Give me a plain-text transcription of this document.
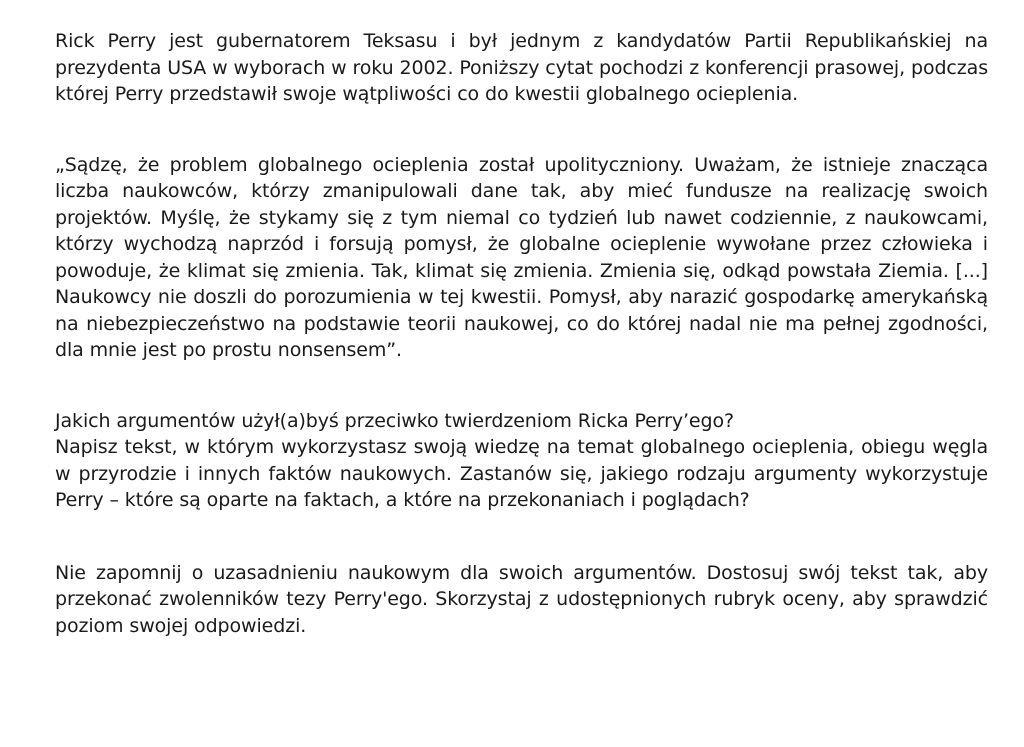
Rick Perry jest gubernatorem Teksasu i był jednym z kandydatów Partii Republikańskiej na prezydenta USA w wyborach w roku 2002. Poniższy cytat pochodzi z konferencji prasowej, podczas której Perry przedstawił swoje wątpliwości co do kwestii globalnego ocieplenia.

„Sądzę, że problem globalnego ocieplenia został upolityczniony. Uważam, że istnieje znacząca liczba naukowców, którzy zmanipulowali dane tak, aby mieć fundusze na realizację swoich projektów. Myślę, że stykamy się z tym niemal co tydzień lub nawet codziennie, z naukowcami, którzy wychodzą naprzód i forsują pomysł, że globalne ocieplenie wywołane przez człowieka i powoduje, że klimat się zmienia. Tak, klimat się zmienia. Zmienia się, odkąd powstała Ziemia. [...] Naukowcy nie doszli do porozumienia w tej kwestii. Pomysł, aby narazić gospodarkę amerykańską na niebezpieczeństwo na podstawie teorii naukowej, co do której nadal nie ma pełnej zgodności, dla mnie jest po prostu nonsensem”.

Jakich argumentów użył(a)byś przeciwko twierdzeniom Ricka Perry’ego?

Napisz tekst, w którym wykorzystasz swoją wiedzę na temat globalnego ocieplenia, obiegu węgla w przyrodzie i innych faktów naukowych. Zastanów się, jakiego rodzaju argumenty wykorzystuje Perry – które są oparte na faktach, a które na przekonaniach i poglądach?

Nie zapomnij o uzasadnieniu naukowym dla swoich argumentów. Dostosuj swój tekst tak, aby przekonać zwolenników tezy Perry'ego. Skorzystaj z udostępnionych rubryk oceny, aby sprawdzić poziom swojej odpowiedzi.
